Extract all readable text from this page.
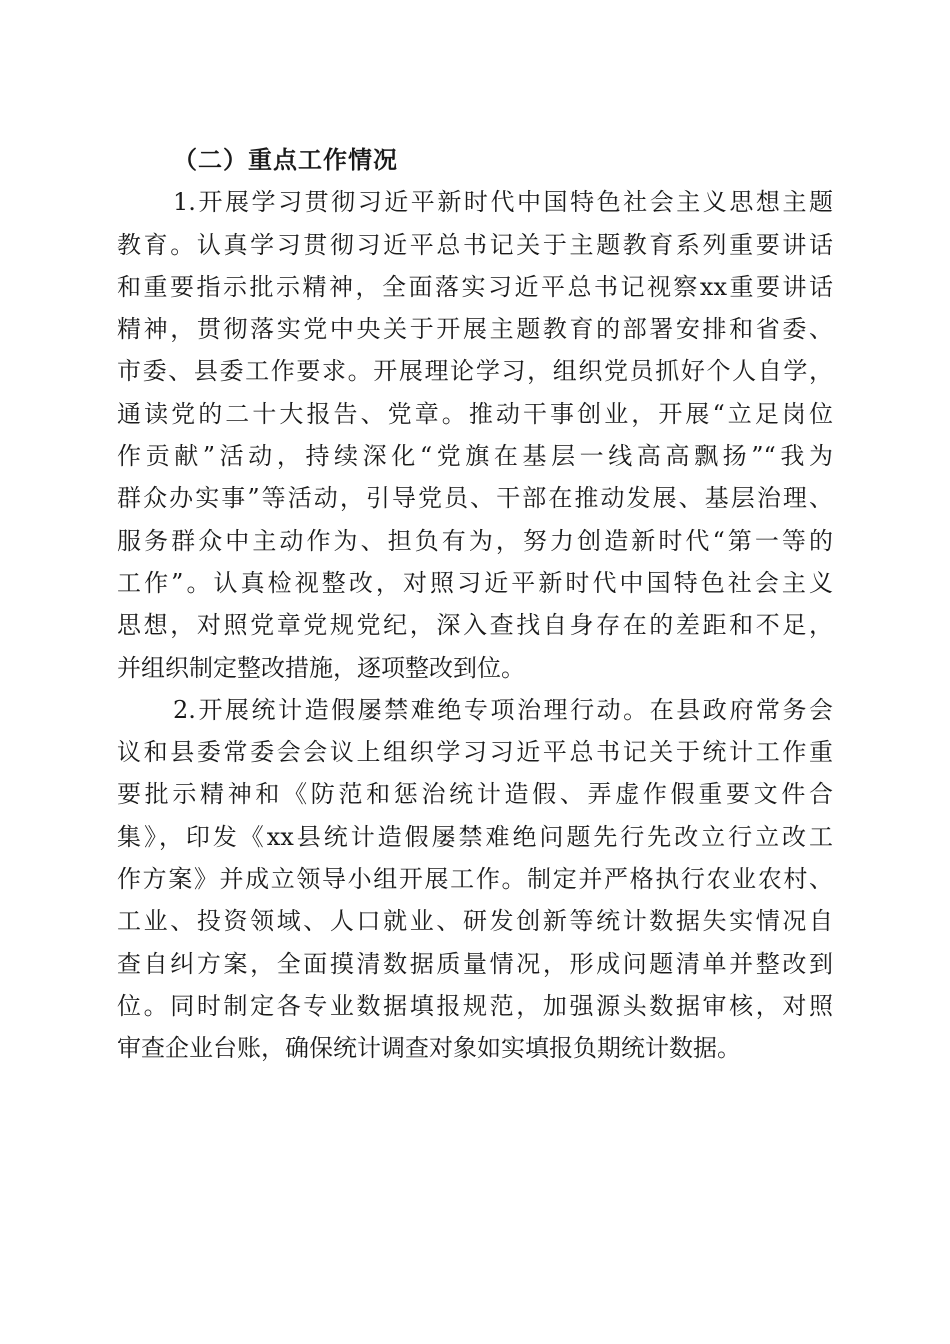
（二）重点工作情况
1.开展学习贯彻习近平新时代中国特色社会主义思想主题
教育。认真学习贯彻习近平总书记关于主题教育系列重要讲话
和重要指示批示精神，全面落实习近平总书记视察xx重要讲话
精神，贯彻落实党中央关于开展主题教育的部署安排和省委、
市委、县委工作要求。开展理论学习，组织党员抓好个人自学，
通读党的二十大报告、党章。推动干事创业，开展“立足岗位
作贡献”活动，持续深化“党旗在基层一线高高飘扬”“我为
群众办实事”等活动，引导党员、干部在推动发展、基层治理、
服务群众中主动作为、担负有为，努力创造新时代“第一等的
工作”。认真检视整改，对照习近平新时代中国特色社会主义
思想，对照党章党规党纪，深入查找自身存在的差距和不足，
并组织制定整改措施，逐项整改到位。
2.开展统计造假屡禁难绝专项治理行动。在县政府常务会
议和县委常委会会议上组织学习习近平总书记关于统计工作重
要批示精神和《防范和惩治统计造假、弄虚作假重要文件合
集》，印发《xx县统计造假屡禁难绝问题先行先改立行立改工
作方案》并成立领导小组开展工作。制定并严格执行农业农村、
工业、投资领域、人口就业、研发创新等统计数据失实情况自
查自纠方案，全面摸清数据质量情况，形成问题清单并整改到
位。同时制定各专业数据填报规范，加强源头数据审核，对照
审查企业台账，确保统计调查对象如实填报负期统计数据。
